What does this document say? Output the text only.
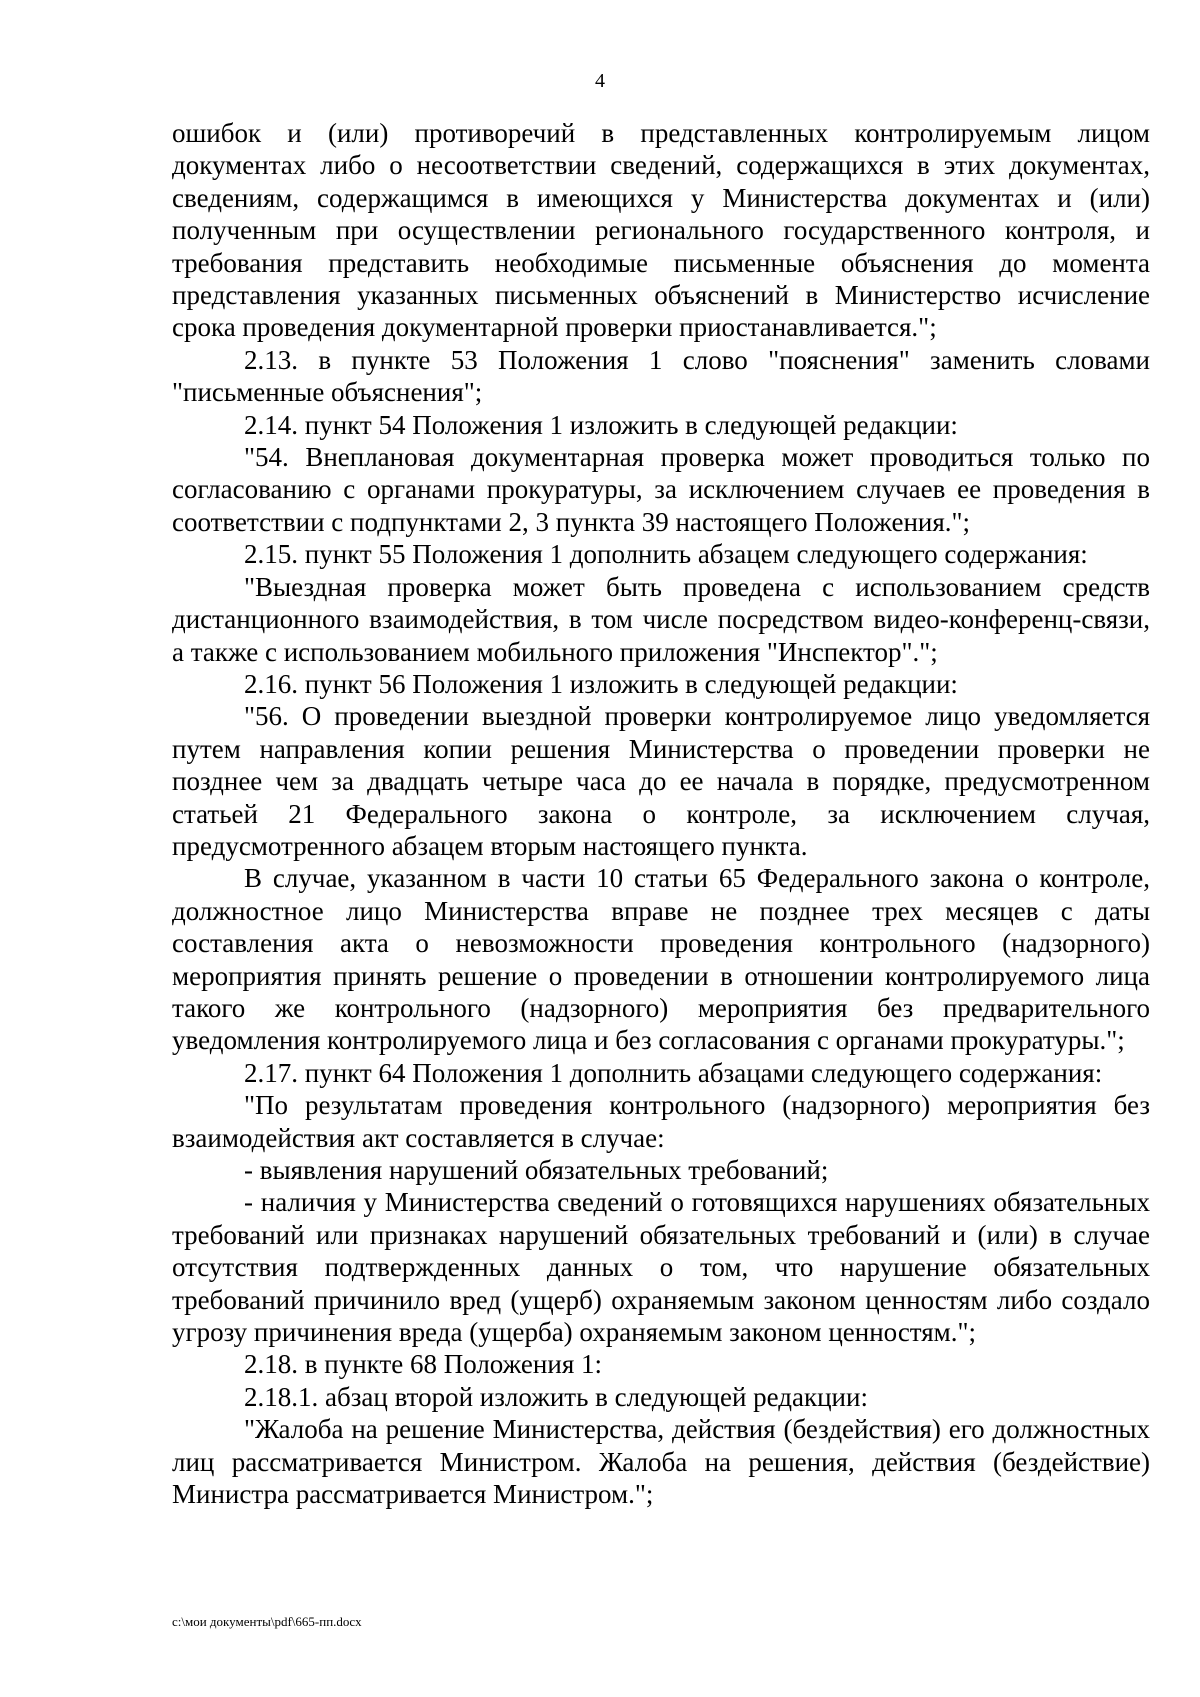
4

ошибок и (или) противоречий в представленных контролируемым лицом документах либо о несоответствии сведений, содержащихся в этих документах, сведениям, содержащимся в имеющихся у Министерства документах и (или) полученным при осуществлении регионального государственного контроля, и требования представить необходимые письменные объяснения до момента представления указанных письменных объяснений в Министерство исчисление срока проведения документарной проверки приостанавливается.";

2.13. в пункте 53 Положения 1 слово "пояснения" заменить словами "письменные объяснения";

2.14. пункт 54 Положения 1 изложить в следующей редакции:

"54. Внеплановая документарная проверка может проводиться только по согласованию с органами прокуратуры, за исключением случаев ее проведения в соответствии с подпунктами 2, 3 пункта 39 настоящего Положения.";

2.15. пункт 55 Положения 1 дополнить абзацем следующего содержания:

"Выездная проверка может быть проведена с использованием средств дистанционного взаимодействия, в том числе посредством видео-конференц-связи, а также с использованием мобильного приложения "Инспектор".";

2.16. пункт 56 Положения 1 изложить в следующей редакции:

"56. О проведении выездной проверки контролируемое лицо уведомляется путем направления копии решения Министерства о проведении проверки не позднее чем за двадцать четыре часа до ее начала в порядке, предусмотренном статьей 21 Федерального закона о контроле, за исключением случая, предусмотренного абзацем вторым настоящего пункта.

В случае, указанном в части 10 статьи 65 Федерального закона о контроле, должностное лицо Министерства вправе не позднее трех месяцев с даты составления акта о невозможности проведения контрольного (надзорного) мероприятия принять решение о проведении в отношении контролируемого лица такого же контрольного (надзорного) мероприятия без предварительного уведомления контролируемого лица и без согласования с органами прокуратуры.";

2.17. пункт 64 Положения 1 дополнить абзацами следующего содержания:

"По результатам проведения контрольного (надзорного) мероприятия без взаимодействия акт составляется в случае:

- выявления нарушений обязательных требований;

- наличия у Министерства сведений о готовящихся нарушениях обязательных требований или признаках нарушений обязательных требований и (или) в случае отсутствия подтвержденных данных о том, что нарушение обязательных требований причинило вред (ущерб) охраняемым законом ценностям либо создало угрозу причинения вреда (ущерба) охраняемым законом ценностям.";

2.18. в пункте 68 Положения 1:

2.18.1. абзац второй изложить в следующей редакции:

"Жалоба на решение Министерства, действия (бездействия) его должностных лиц рассматривается Министром. Жалоба на решения, действия (бездействие) Министра рассматривается Министром.";

c:\мои документы\pdf\665-пп.docx
